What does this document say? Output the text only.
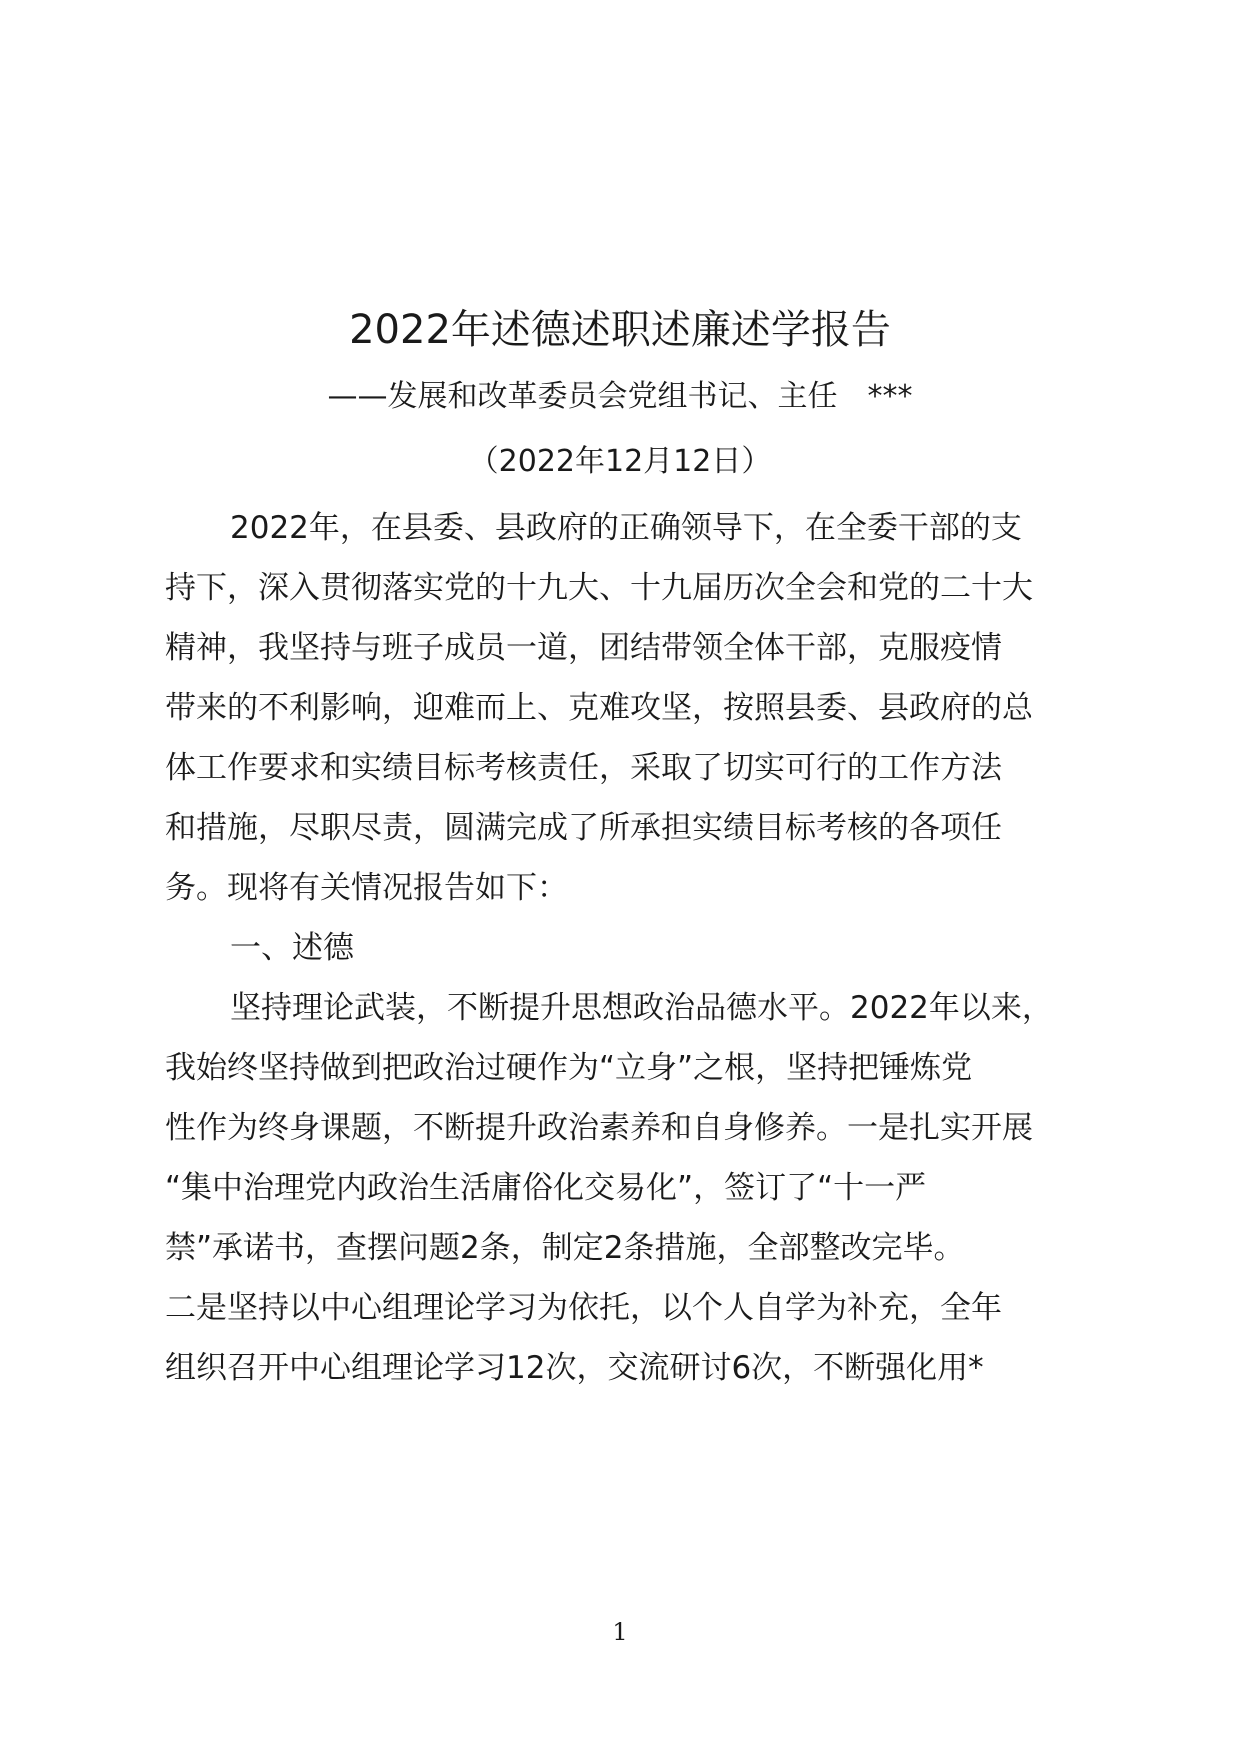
2022年述德述职述廉述学报告
——发展和改革委员会党组书记、主任　***
（2022年12月12日）
2022年，在县委、县政府的正确领导下，在全委干部的支
持下，深入贯彻落实党的十九大、十九届历次全会和党的二十大
精神，我坚持与班子成员一道，团结带领全体干部，克服疫情
带来的不利影响，迎难而上、克难攻坚，按照县委、县政府的总
体工作要求和实绩目标考核责任，采取了切实可行的工作方法
和措施，尽职尽责，圆满完成了所承担实绩目标考核的各项任
务。现将有关情况报告如下：
一、述德
坚持理论武装，不断提升思想政治品德水平。2022年以来，
我始终坚持做到把政治过硬作为“立身”之根，坚持把锤炼党
性作为终身课题，不断提升政治素养和自身修养。一是扎实开展
“集中治理党内政治生活庸俗化交易化”，签订了“十一严
禁”承诺书，查摆问题2条，制定2条措施，全部整改完毕。
二是坚持以中心组理论学习为依托，以个人自学为补充，全年
组织召开中心组理论学习12次，交流研讨6次，不断强化用*
1
